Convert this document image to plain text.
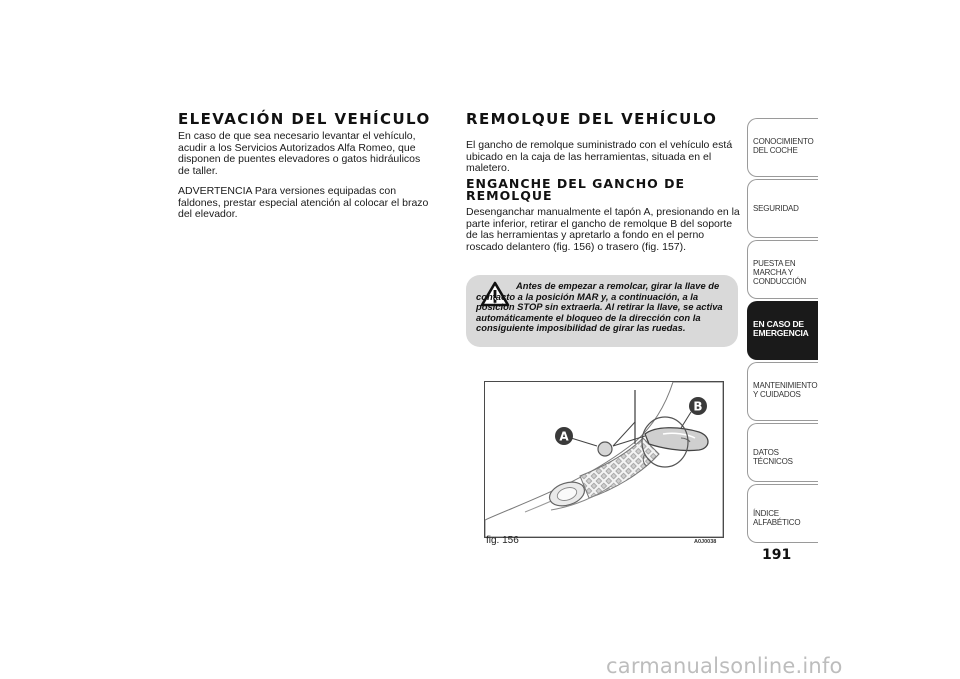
ELEVACIÓN DEL VEHÍCULO

En caso de que sea necesario levantar el vehículo, acudir a los Servicios Autorizados Alfa Romeo, que disponen de puentes elevadores o gatos hidráulicos de taller.

ADVERTENCIA Para versiones equipadas con faldones, prestar especial atención al colocar el brazo del elevador.

REMOLQUE DEL VEHÍCULO

El gancho de remolque suministrado con el vehículo está ubicado en la caja de las herramientas, situada en el maletero.

ENGANCHE DEL GANCHO DE REMOLQUE

Desenganchar manualmente el tapón A, presionando en la parte inferior, retirar el gancho de remolque B del soporte de las herramientas y apretarlo a fondo en el perno roscado delantero (fig. 156) o trasero (fig. 157).

Antes de empezar a remolcar, girar la llave de contacto a la posición MAR y, a continuación, a la posición STOP sin extraerla. Al retirar la llave, se activa automáticamente el bloqueo de la dirección con la consiguiente imposibilidad de girar las ruedas.

A
B
fig. 156	A0J0038

CONOCIMIENTO DEL COCHE

SEGURIDAD

PUESTA EN MARCHA Y CONDUCCIÓN

EN CASO DE EMERGENCIA

MANTENIMIENTO Y CUIDADOS

DATOS TÉCNICOS

ÍNDICE ALFABÉTICO

191
carmanualsonline.info
